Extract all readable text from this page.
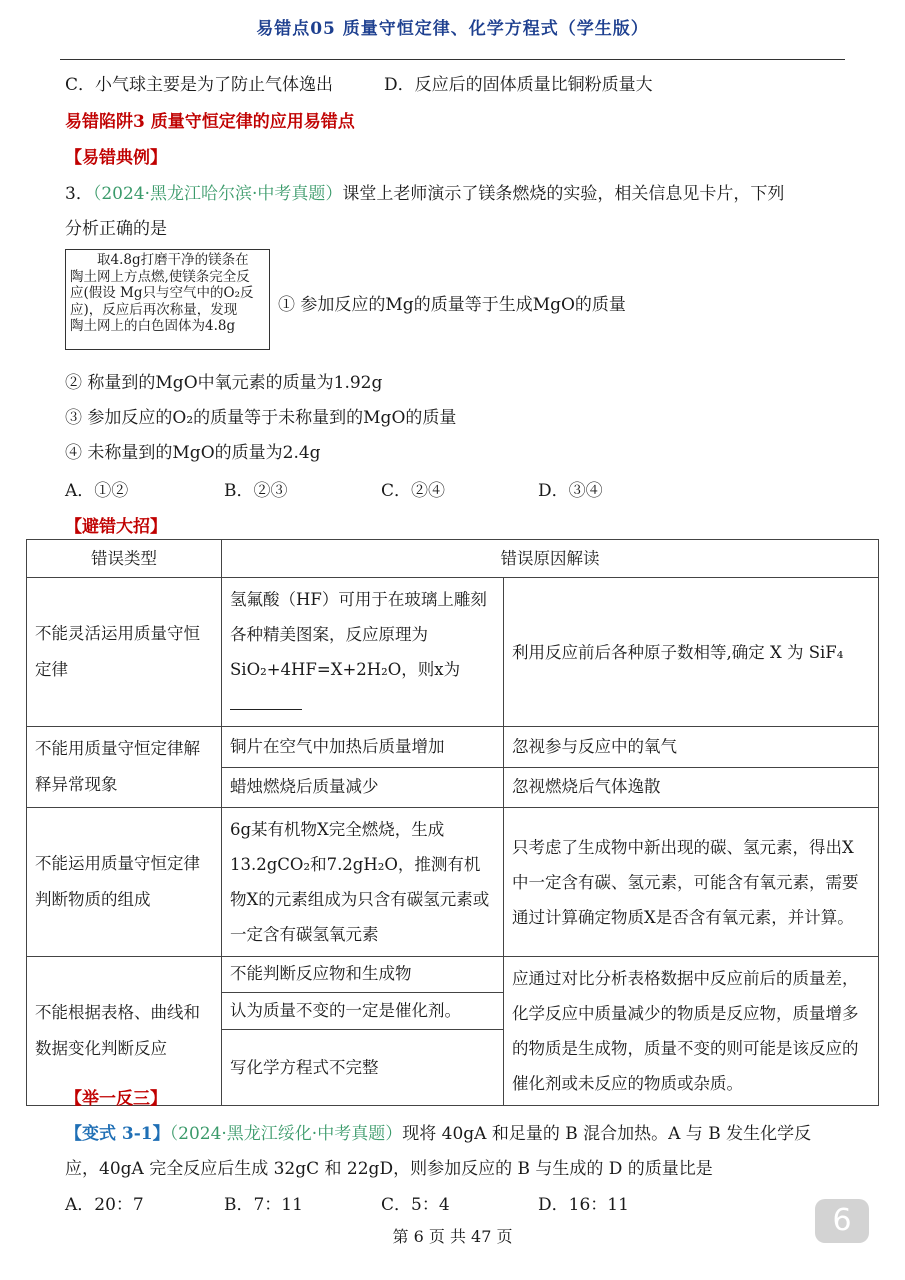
易错点05 质量守恒定律、化学方程式（学生版）
C．小气球主要是为了防止气体逸出	D．反应后的固体质量比铜粉质量大
易错陷阱3 质量守恒定律的应用易错点
【易错典例】
3．（2024·黑龙江哈尔滨·中考真题）课堂上老师演示了镁条燃烧的实验，相关信息见卡片，下列
分析正确的是
　　取4.8g打磨干净的镁条在
陶土网上方点燃,使镁条完全反
应(假设 Mg只与空气中的O₂反
应)，反应后再次称量，发现
陶土网上的白色固体为4.8g
① 参加反应的Mg的质量等于生成MgO的质量
② 称量到的MgO中氧元素的质量为1.92g
③ 参加反应的O₂的质量等于未称量到的MgO的质量
④ 未称量到的MgO的质量为2.4g
A．①②	B．②③	C．②④	D．③④
【避错大招】
错误类型	错误原因解读	
不能灵活运用质量守恒定律	氢氟酸（HF）可用于在玻璃上雕刻各种精美图案，反应原理为SiO₂+4HF=X+2H₂O，则x为	利用反应前后各种原子数相等,确定 X 为 SiF₄
不能用质量守恒定律解释异常现象	铜片在空气中加热后质量增加	忽视参与反应中的氧气
	蜡烛燃烧后质量减少	忽视燃烧后气体逸散
不能运用质量守恒定律判断物质的组成	6g某有机物X完全燃烧，生成13.2gCO₂和7.2gH₂O，推测有机物X的元素组成为只含有碳氢元素或一定含有碳氢氧元素	只考虑了生成物中新出现的碳、氢元素，得出X中一定含有碳、氢元素，可能含有氧元素，需要通过计算确定物质X是否含有氧元素，并计算。
不能根据表格、曲线和数据变化判断反应	不能判断反应物和生成物	应通过对比分析表格数据中反应前后的质量差，化学反应中质量减少的物质是反应物，质量增多的物质是生成物，质量不变的则可能是该反应的催化剂或未反应的物质或杂质。
	认为质量不变的一定是催化剂。	
	写化学方程式不完整	
【举一反三】
【变式 3-1】（2024·黑龙江绥化·中考真题）现将 40gA 和足量的 B 混合加热。A 与 B 发生化学反
应，40gA 完全反应后生成 32gC 和 22gD，则参加反应的 B 与生成的 D 的质量比是
A．20：7	B．7：11	C．5：4	D．16：11	6
第 6 页 共 47 页
